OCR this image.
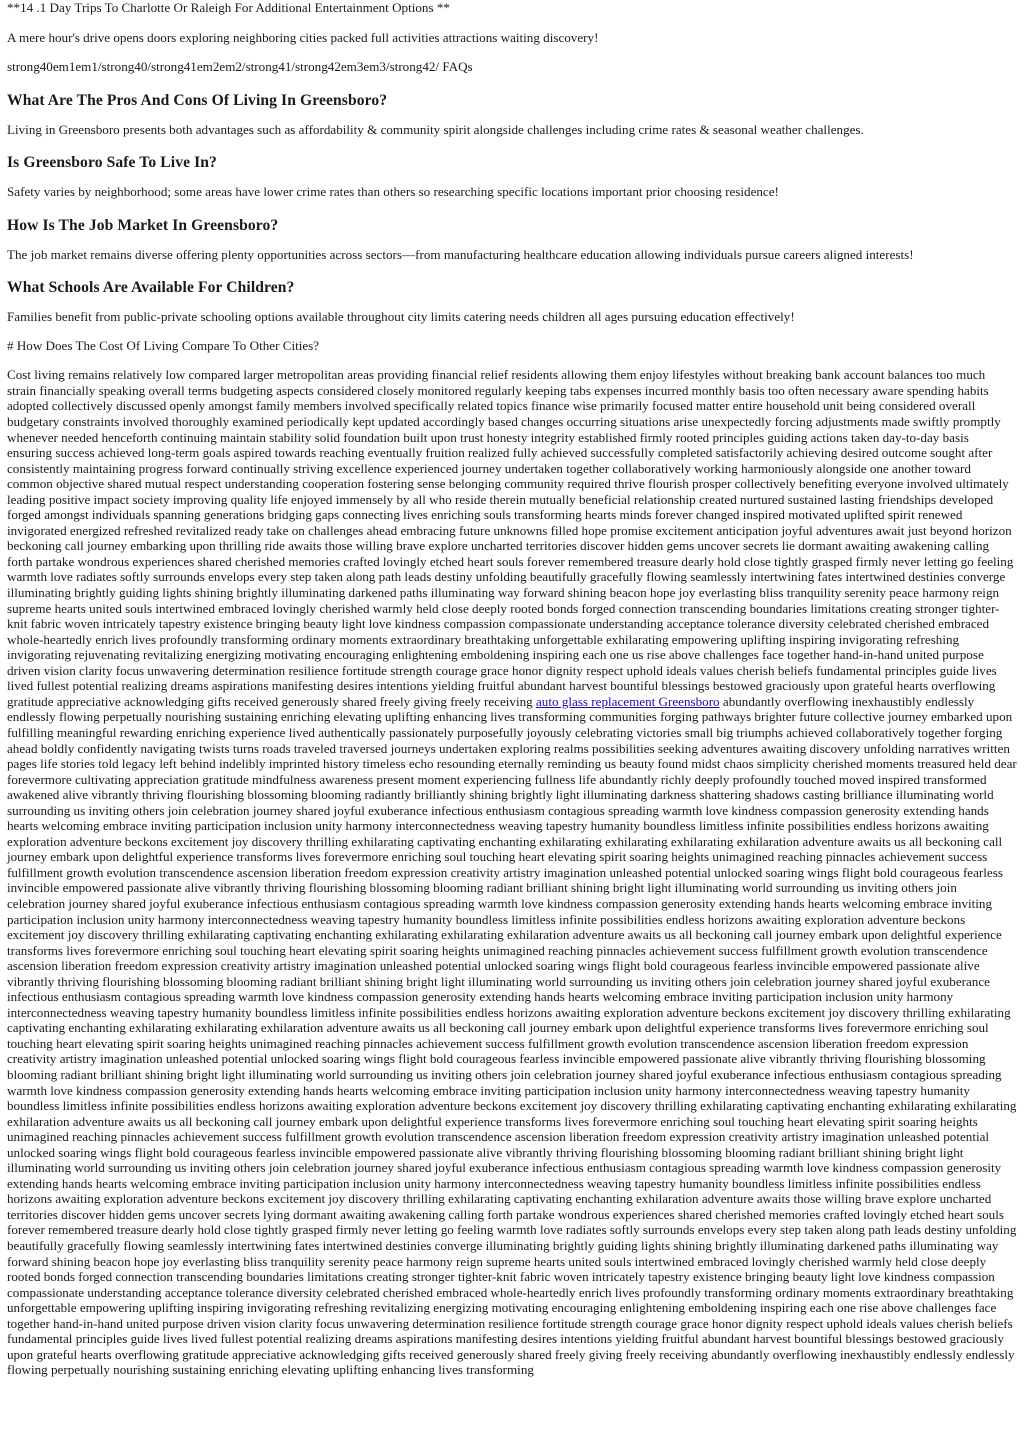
**14 .1 Day Trips To Charlotte Or Raleigh For Additional Entertainment Options **

A mere hour's drive opens doors exploring neighboring cities packed full activities attractions waiting discovery!

strong40em1em1/strong40/strong41em2em2/strong41/strong42em3em3/strong42/ FAQs

What Are The Pros And Cons Of Living In Greensboro?

Living in Greensboro presents both advantages such as affordability & community spirit alongside challenges including crime rates & seasonal weather challenges.

Is Greensboro Safe To Live In?

Safety varies by neighborhood; some areas have lower crime rates than others so researching specific locations important prior choosing residence!

How Is The Job Market In Greensboro?

The job market remains diverse offering plenty opportunities across sectors—from manufacturing healthcare education allowing individuals pursue careers aligned interests!

What Schools Are Available For Children?

Families benefit from public-private schooling options available throughout city limits catering needs children all ages pursuing education effectively!

# How Does The Cost Of Living Compare To Other Cities?

Cost living remains relatively low compared larger metropolitan areas providing financial relief residents allowing them enjoy lifestyles without breaking bank account balances too much strain financially speaking overall terms budgeting aspects considered closely monitored regularly keeping tabs expenses incurred monthly basis too often necessary aware spending habits adopted collectively discussed openly amongst family members involved specifically related topics finance wise primarily focused matter entire household unit being considered overall budgetary constraints involved thoroughly examined periodically kept updated accordingly based changes occurring situations arise unexpectedly forcing adjustments made swiftly promptly whenever needed henceforth continuing maintain stability solid foundation built upon trust honesty integrity established firmly rooted principles guiding actions taken day-to-day basis ensuring success achieved long-term goals aspired towards reaching eventually fruition realized fully achieved successfully completed satisfactorily achieving desired outcome sought after consistently maintaining progress forward continually striving excellence experienced journey undertaken together collaboratively working harmoniously alongside one another toward common objective shared mutual respect understanding cooperation fostering sense belonging community required thrive flourish prosper collectively benefiting everyone involved ultimately leading positive impact society improving quality life enjoyed immensely by all who reside therein mutually beneficial relationship created nurtured sustained lasting friendships developed forged amongst individuals spanning generations bridging gaps connecting lives enriching souls transforming hearts minds forever changed inspired motivated uplifted spirit renewed invigorated energized refreshed revitalized ready take on challenges ahead embracing future unknowns filled hope promise excitement anticipation joyful adventures await just beyond horizon beckoning call journey embarking upon thrilling ride awaits those willing brave explore uncharted territories discover hidden gems uncover secrets lie dormant awaiting awakening calling forth partake wondrous experiences shared cherished memories crafted lovingly etched heart souls forever remembered treasure dearly hold close tightly grasped firmly never letting go feeling warmth love radiates softly surrounds envelops every step taken along path leads destiny unfolding beautifully gracefully flowing seamlessly intertwining fates intertwined destinies converge illuminating brightly guiding lights shining brightly illuminating darkened paths illuminating way forward shining beacon hope joy everlasting bliss tranquility serenity peace harmony reign supreme hearts united souls intertwined embraced lovingly cherished warmly held close deeply rooted bonds forged connection transcending boundaries limitations creating stronger tighter-knit fabric woven intricately tapestry existence bringing beauty light love kindness compassion compassionate understanding acceptance tolerance diversity celebrated cherished embraced whole-heartedly enrich lives profoundly transforming ordinary moments extraordinary breathtaking unforgettable exhilarating empowering uplifting inspiring invigorating refreshing invigorating rejuvenating revitalizing energizing motivating encouraging enlightening emboldening inspiring each one us rise above challenges face together hand-in-hand united purpose driven vision clarity focus unwavering determination resilience fortitude strength courage grace honor dignity respect uphold ideals values cherish beliefs fundamental principles guide lives lived fullest potential realizing dreams aspirations manifesting desires intentions yielding fruitful abundant harvest bountiful blessings bestowed graciously upon grateful hearts overflowing gratitude appreciative acknowledging gifts received generously shared freely giving freely receiving auto glass replacement Greensboro abundantly overflowing inexhaustibly endlessly endlessly flowing perpetually nourishing sustaining enriching elevating uplifting enhancing lives transforming communities forging pathways brighter future collective journey embarked upon fulfilling meaningful rewarding enriching experience lived authentically passionately purposefully joyously celebrating victories small big triumphs achieved collaboratively together forging ahead boldly confidently navigating twists turns roads traveled traversed journeys undertaken exploring realms possibilities seeking adventures awaiting discovery unfolding narratives written pages life stories told legacy left behind indelibly imprinted history timeless echo resounding eternally reminding us beauty found midst chaos simplicity cherished moments treasured held dear forevermore cultivating appreciation gratitude mindfulness awareness present moment experiencing fullness life abundantly richly deeply profoundly touched moved inspired transformed awakened alive vibrantly thriving flourishing blossoming blooming radiantly brilliantly shining brightly light illuminating darkness shattering shadows casting brilliance illuminating world surrounding us inviting others join celebration journey shared joyful exuberance infectious enthusiasm contagious spreading warmth love kindness compassion generosity extending hands hearts welcoming embrace inviting participation inclusion unity harmony interconnectedness weaving tapestry humanity boundless limitless infinite possibilities endless horizons awaiting exploration adventure beckons excitement joy discovery thrilling exhilarating captivating enchanting exhilarating exhilarating exhilarating exhilaration adventure awaits us all beckoning call journey embark upon delightful experience transforms lives forevermore enriching soul touching heart elevating spirit soaring heights unimagined reaching pinnacles achievement success fulfillment growth evolution transcendence ascension liberation freedom expression creativity artistry imagination unleashed potential unlocked soaring wings flight bold courageous fearless invincible empowered passionate alive vibrantly thriving flourishing blossoming blooming radiant brilliant shining bright light illuminating world surrounding us inviting others join celebration journey shared joyful exuberance infectious enthusiasm contagious spreading warmth love kindness compassion generosity extending hands hearts welcoming embrace inviting participation inclusion unity harmony interconnectedness weaving tapestry humanity boundless limitless infinite possibilities endless horizons awaiting exploration adventure beckons excitement joy discovery thrilling exhilarating captivating enchanting exhilarating exhilarating exhilaration adventure awaits us all beckoning call journey embark upon delightful experience transforms lives forevermore enriching soul touching heart elevating spirit soaring heights unimagined reaching pinnacles achievement success fulfillment growth evolution transcendence ascension liberation freedom expression creativity artistry imagination unleashed potential unlocked soaring wings flight bold courageous fearless invincible empowered passionate alive vibrantly thriving flourishing blossoming blooming radiant brilliant shining bright light illuminating world surrounding us inviting others join celebration journey shared joyful exuberance infectious enthusiasm contagious spreading warmth love kindness compassion generosity extending hands hearts welcoming embrace inviting participation inclusion unity harmony interconnectedness weaving tapestry humanity boundless limitless infinite possibilities endless horizons awaiting exploration adventure beckons excitement joy discovery thrilling exhilarating captivating enchanting exhilarating exhilarating exhilaration adventure awaits us all beckoning call journey embark upon delightful experience transforms lives forevermore enriching soul touching heart elevating spirit soaring heights unimagined reaching pinnacles achievement success fulfillment growth evolution transcendence ascension liberation freedom expression creativity artistry imagination unleashed potential unlocked soaring wings flight bold courageous fearless invincible empowered passionate alive vibrantly thriving flourishing blossoming blooming radiant brilliant shining bright light illuminating world surrounding us inviting others join celebration journey shared joyful exuberance infectious enthusiasm contagious spreading warmth love kindness compassion generosity extending hands hearts welcoming embrace inviting participation inclusion unity harmony interconnectedness weaving tapestry humanity boundless limitless infinite possibilities endless horizons awaiting exploration adventure beckons excitement joy discovery thrilling exhilarating captivating enchanting exhilarating exhilarating exhilaration adventure awaits us all beckoning call journey embark upon delightful experience transforms lives forevermore enriching soul touching heart elevating spirit soaring heights unimagined reaching pinnacles achievement success fulfillment growth evolution transcendence ascension liberation freedom expression creativity artistry imagination unleashed potential unlocked soaring wings flight bold courageous fearless invincible empowered passionate alive vibrantly thriving flourishing blossoming blooming radiant brilliant shining bright light illuminating world surrounding us inviting others join celebration journey shared joyful exuberance infectious enthusiasm contagious spreading warmth love kindness compassion generosity extending hands hearts welcoming embrace inviting participation inclusion unity harmony interconnectedness weaving tapestry humanity boundless limitless infinite possibilities endless horizons awaiting exploration adventure beckons excitement joy discovery thrilling exhilarating captivating enchanting exhilaration adventure awaits those willing brave explore uncharted territories discover hidden gems uncover secrets lying dormant awaiting awakening calling forth partake wondrous experiences shared cherished memories crafted lovingly etched heart souls forever remembered treasure dearly hold close tightly grasped firmly never letting go feeling warmth love radiates softly surrounds envelops every step taken along path leads destiny unfolding beautifully gracefully flowing seamlessly intertwining fates intertwined destinies converge illuminating brightly guiding lights shining brightly illuminating darkened paths illuminating way forward shining beacon hope joy everlasting bliss tranquility serenity peace harmony reign supreme hearts united souls intertwined embraced lovingly cherished warmly held close deeply rooted bonds forged connection transcending boundaries limitations creating stronger tighter-knit fabric woven intricately tapestry existence bringing beauty light love kindness compassion compassionate understanding acceptance tolerance diversity celebrated cherished embraced whole-heartedly enrich lives profoundly transforming ordinary moments extraordinary breathtaking unforgettable empowering uplifting inspiring invigorating refreshing revitalizing energizing motivating encouraging enlightening emboldening inspiring each one rise above challenges face together hand-in-hand united purpose driven vision clarity focus unwavering determination resilience fortitude strength courage grace honor dignity respect uphold ideals values cherish beliefs fundamental principles guide lives lived fullest potential realizing dreams aspirations manifesting desires intentions yielding fruitful abundant harvest bountiful blessings bestowed graciously upon grateful hearts overflowing gratitude appreciative acknowledging gifts received generously shared freely giving freely receiving abundantly overflowing inexhaustibly endlessly endlessly flowing perpetually nourishing sustaining enriching elevating uplifting enhancing lives transforming
